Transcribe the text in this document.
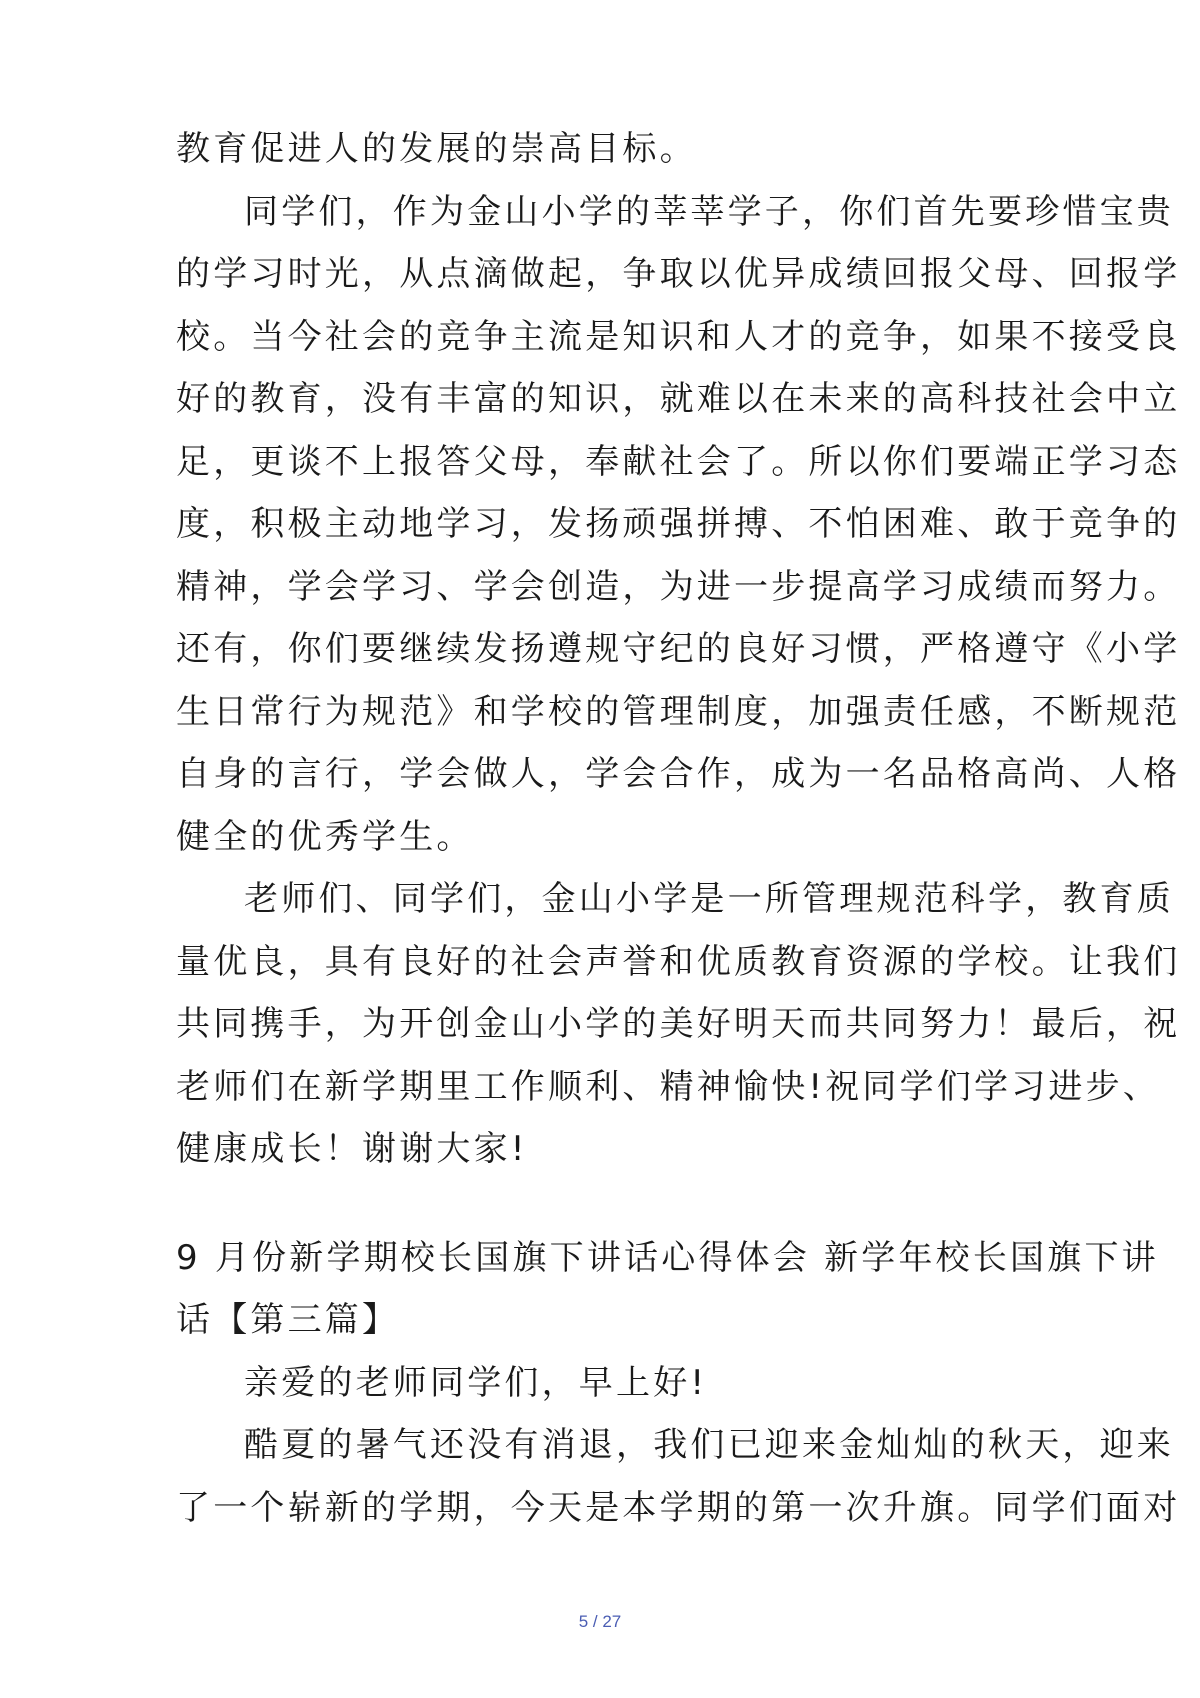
教育促进人的发展的崇高目标。
同学们，作为金山小学的莘莘学子，你们首先要珍惜宝贵
的学习时光，从点滴做起，争取以优异成绩回报父母、回报学
校。当今社会的竞争主流是知识和人才的竞争，如果不接受良
好的教育，没有丰富的知识，就难以在未来的高科技社会中立
足，更谈不上报答父母，奉献社会了。所以你们要端正学习态
度，积极主动地学习，发扬顽强拼搏、不怕困难、敢于竞争的
精神，学会学习、学会创造，为进一步提高学习成绩而努力。
还有，你们要继续发扬遵规守纪的良好习惯，严格遵守《小学
生日常行为规范》和学校的管理制度，加强责任感，不断规范
自身的言行，学会做人，学会合作，成为一名品格高尚、人格
健全的优秀学生。
老师们、同学们，金山小学是一所管理规范科学，教育质
量优良，具有良好的社会声誉和优质教育资源的学校。让我们
共同携手，为开创金山小学的美好明天而共同努力！最后，祝
老师们在新学期里工作顺利、精神愉快!祝同学们学习进步、
健康成长！谢谢大家!
9 月份新学期校长国旗下讲话心得体会 新学年校长国旗下讲
话【第三篇】
亲爱的老师同学们，早上好!
酷夏的暑气还没有消退，我们已迎来金灿灿的秋天，迎来
了一个崭新的学期，今天是本学期的第一次升旗。同学们面对
5 / 27
